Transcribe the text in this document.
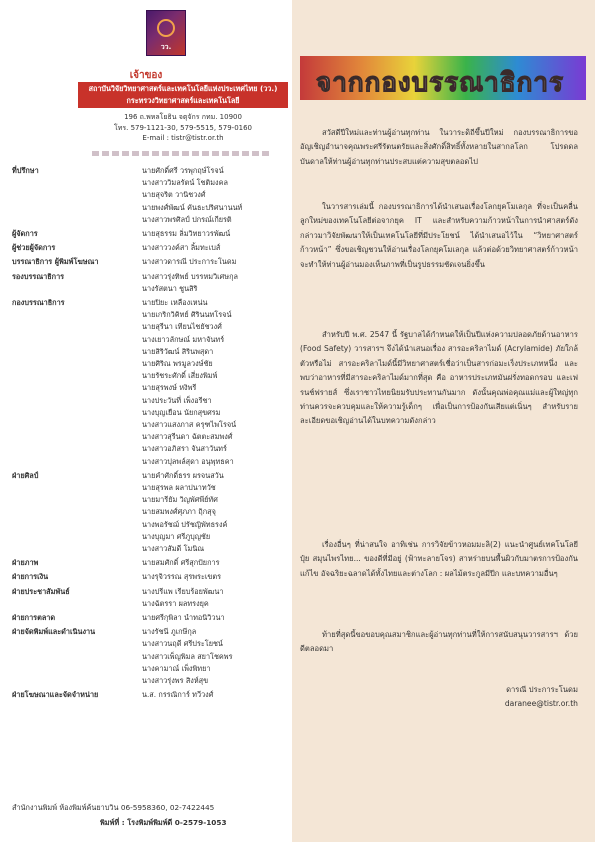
วว.
เจ้าของ
สถาบันวิจัยวิทยาศาสตร์และเทคโนโลยีแห่งประเทศไทย (วว.)
กระทรวงวิทยาศาสตร์และเทคโนโลยี
196 ถ.พหลโยธิน จตุจักร กทม. 10900
โทร. 579-1121-30, 579-5515, 579-0160
E-mail : tistr@tistr.or.th
ที่ปรึกษา	นายศักดิ์ศรี วรพุกฤษ์โรจน์
นางสาววิมลรัตน์ โชติมงคล
นายสุจริต วานิชวงศ์
นายพงศ์พัฒน์ คันธะปริศนานนท์
นางสาวพรศิลป์ ปกรณ์เกียรติ
ผู้จัดการ	นายสุธรรม ลิ่มวิทยาวรพัฒน์
ผู้ช่วยผู้จัดการ	นางสาววงค์สา ลิ้มทะเบส์
บรรณาธิการ ผู้พิมพ์โฆษณา	นางสาวดารณี ประการะโนดม
รองบรรณาธิการ	นางสาวรุ่งทิพย์ บรรหมวิเศษกุล
นางรัสตนา ชูนสิริ
กองบรรณาธิการ	นายปิยะ เหลืองเหน่น
นายเกริกวิคิทย์ ศิรินนทโรจน์
นายสุรีนา เทียนไชยัชวงศ์
นางเยาวลักษณ์ มหาจันทร์
นายสิริวัฒน์ สิรินพสุดา
นายศิริณ พรมูลวงษ์ชัย
นายรัชระศักดิ์ เสี่ยงพิมพ์
นายสุรพงษ์ หงิพรี
นางประวันที่ เพ็งอรีชา
นางบุญเยือน นัยกสุขศรม
นางสาวแสงภาส ครุฑไพโรจน์
นางสาวสุรีนดา ฉัตตะสมพงศ์
นางสาวอภิสรา จันสาวันทร์
นางสาวปุลพล์สุดา อนุพุทธคา
ฝ่ายศิลป์	นายคำศักดิ์ธรร ผรจนสวัน
นายสุรพล ผลาปนาทวัช
นายมารียัม วิญพัศพีย์ทัศ
นายสมพงศ์ศุภภา ฤิกสุจุ
นางพอรัชฌ์ ปรัชญิพัทธรงค์
นางบุญมา ศรีภูบุญชัย
นางสาวสัมดี โมนิณ
ฝ่ายภาพ	นายสมศักดิ์ ศรีสุกปัยการ
ฝ่ายการเงิน	นางรุจิวรรณ สุรพระเขตร
ฝ่ายประชาสัมพันธ์	นางปรีแพ เรียบร้อยพัฒนา
นางฉัตรรา ผลทรงยุค
ฝ่ายการตลาด	นายศรีกุพิลา นำทอนิวิวนา
ฝ่ายจัดพิมพ์และดำเนินงาน	นางรัชนี ภูเกษีกุล
นางสาวนฤดี ศรีประโยชน์
นางสาวเพ็ญพิมล สยาโชคพร
นางคามาณ์ เพ็งพิทยา
นางสาวรุ่งพร สิงห์สุข
ฝ่ายโฆษณาและจัดจำหน่าย	น.ส. กรรณิการ์ ทวีวงศ์
สำนักงานพิมพ์ ห้องพิมพ์ค้นยาบวิน 06-5958360, 02-7422445
พิมพ์ที่ : โรงพิมพ์พิมพ์ดี 0-2579-1053
จากกองบรรณาธิการ
สวัสดีปีใหม่และท่านผู้อ่านทุกท่าน ในวาระดิถีขึ้นปีใหม่ กองบรรณาธิการขออัญเชิญอำนาจคุณพระศรีรัตนตรัยและสิ่งศักดิ์สิทธิ์ทั้งหลายในสากลโลก โปรดดลบันดาลให้ท่านผู้อ่านทุกท่านประสบแต่ความสุขตลอดไป
ในวารสารเล่มนี้ กองบรรณาธิการได้นำเสนอเรื่องโลกยุคโมเลกุล ที่จะเป็นคลื่นลูกใหม่ของเทคโนโลยีต่อจากยุค IT และสำหรับความก้าวหน้าในการนำศาสตร์ดังกล่าวมาวิจัยพัฒนาให้เป็นเทคโนโลยีที่มีประโยชน์ ได้นำเสนอไว้ใน “วิทยาศาสตร์ก้าวหน้า” ซึ่งขอเชิญชวนให้อ่านเรื่องโลกยุคโมเลกุล แล้วต่อด้วยวิทยาศาสตร์ก้าวหน้า จะทำให้ท่านผู้อ่านมองเห็นภาพที่เป็นรูปธรรมชัดเจนยิ่งขึ้น
สำหรับปี พ.ศ. 2547 นี้ รัฐบาลได้กำหนดให้เป็นปีแห่งความปลอดภัยด้านอาหาร (Food Safety) วารสารฯ จึงได้นำเสนอเรื่อง สารอะคริลาไมด์ (Acrylamide) ภัยใกล้ตัวหรือไม่ สารอะคริลาไมด์นี้มีวิทยาศาสตร์เชื่อว่าเป็นสารก่อมะเร็งประเภทหนึ่ง และพบว่าอาหารที่มีสารอะคริลาไมด์มากที่สุด คือ อาหารประเภทมันฝรั่งทอดกรอบ และเฟรนช์ฟรายส์ ซึ่งเราชาวไทยนิยมรับประทานกันมาก ดังนั้นคุณพ่อคุณแม่และผู้ใหญ่ทุกท่านควรจะควบคุมและให้ความรู้เด็กๆ เพื่อเป็นการป้องกันเสียแต่เนิ่นๆ สำหรับรายละเอียดขอเชิญอ่านได้ในบทความดังกล่าว
เรื่องอื่นๆ ที่น่าสนใจ อาทิเช่น การวิจัยข้าวหอมมะลิ(2) แนะนำศูนย์เทคโนโลยีปุ๋ย สมุนไพรไทย... ของดีที่มีอยู่ (ฟ้าทะลายโจร) สาหร่ายบนพื้นผิวกับมาตรการป้องกันแก้ไข อัจฉริยะฉลาดได้ทั้งไทยและต่างโลก : ผลไม้ตระกูลมีปีก และบทความอื่นๆ
ท้ายที่สุดนี้ขอขอบคุณสมาชิกและผู้อ่านทุกท่านที่ให้การสนับสนุนวารสารฯ ด้วยดีตลอดมา
ดารณี ประการะโนดม
daranee@tistr.or.th
